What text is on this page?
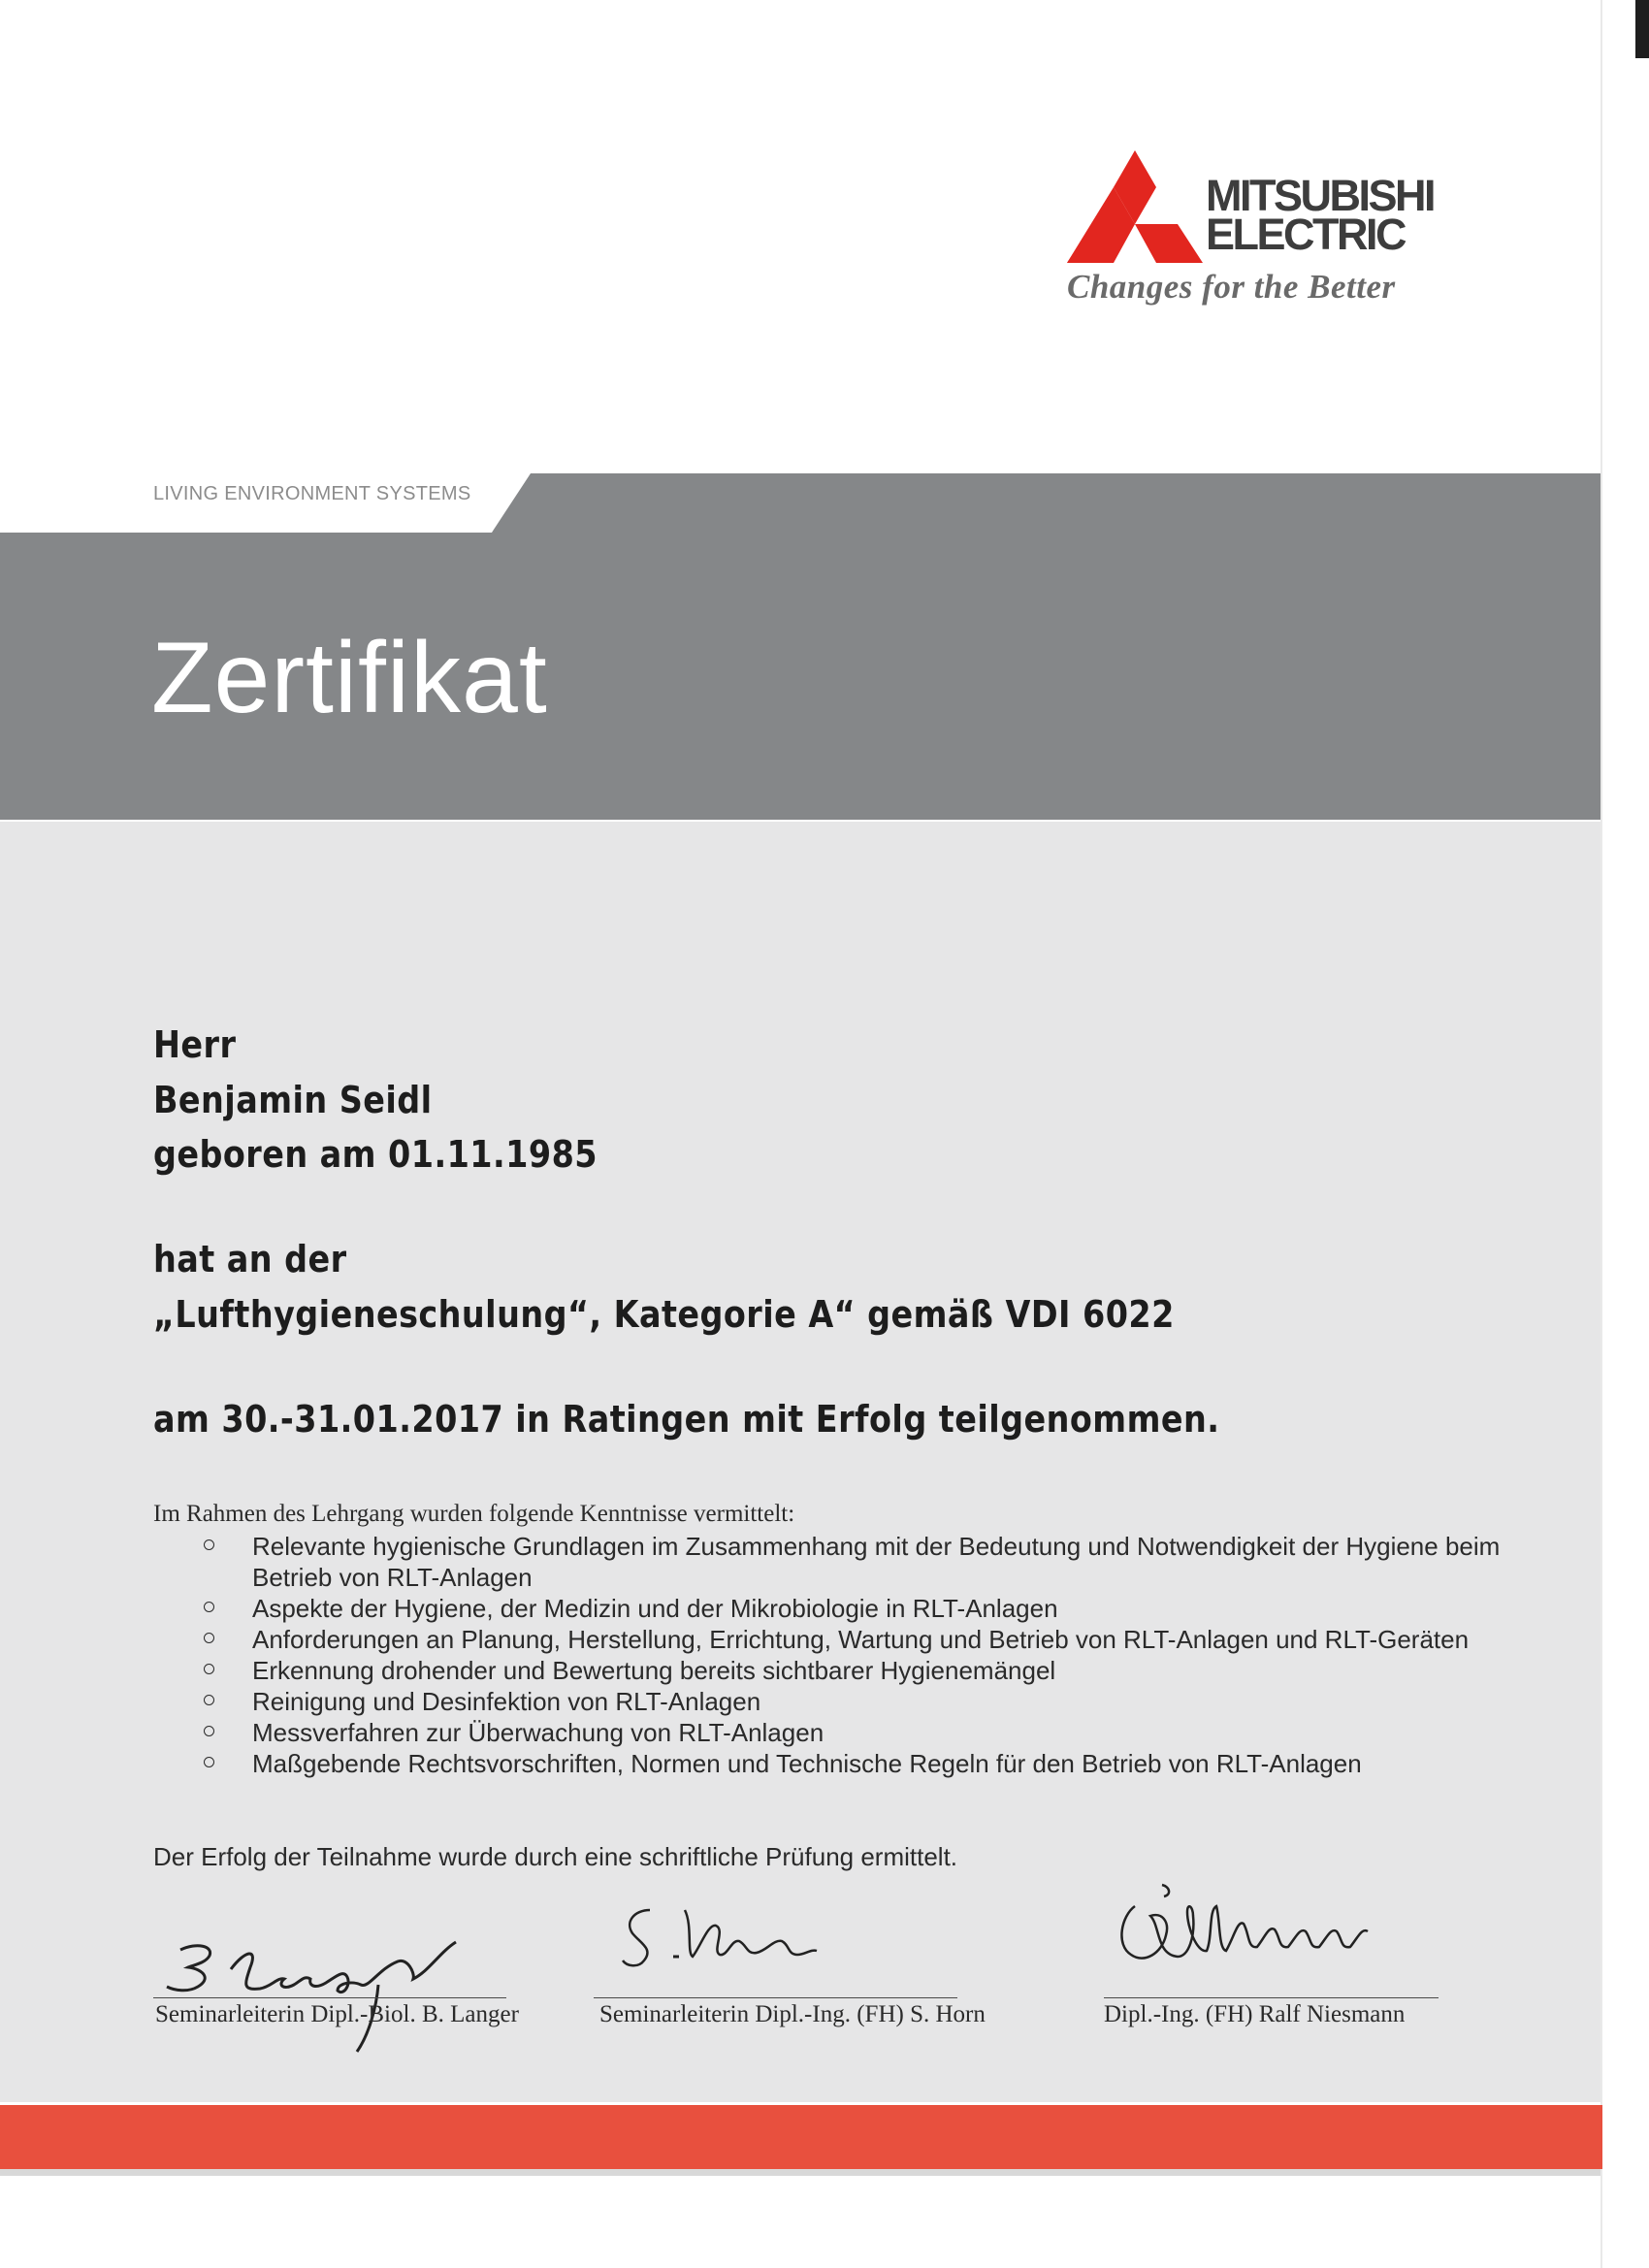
MITSUBISHI
ELECTRIC
Changes for the Better
LIVING ENVIRONMENT SYSTEMS
Zertifikat
Herr
Benjamin Seidl
geboren am 01.11.1985
hat an der
„Lufthygieneschulung“, Kategorie A“ gemäß VDI 6022
am 30.-31.01.2017 in Ratingen mit Erfolg teilgenommen.
Im Rahmen des Lehrgang wurden folgende Kenntnisse vermittelt:
Relevante hygienische Grundlagen im Zusammenhang mit der Bedeutung und Notwendigkeit der Hygiene beim Betrieb von RLT-Anlagen
Aspekte der Hygiene, der Medizin und der Mikrobiologie in RLT-Anlagen
Anforderungen an Planung, Herstellung, Errichtung, Wartung und Betrieb von RLT-Anlagen und RLT-Geräten
Erkennung drohender und Bewertung bereits sichtbarer Hygienemängel
Reinigung und Desinfektion von RLT-Anlagen
Messverfahren zur Überwachung von RLT-Anlagen
Maßgebende Rechtsvorschriften, Normen und Technische Regeln für den Betrieb von RLT-Anlagen
Der Erfolg der Teilnahme wurde durch eine schriftliche Prüfung ermittelt.
Seminarleiterin Dipl.-Biol. B. Langer	Seminarleiterin Dipl.-Ing. (FH) S. Horn	Dipl.-Ing. (FH) Ralf Niesmann
